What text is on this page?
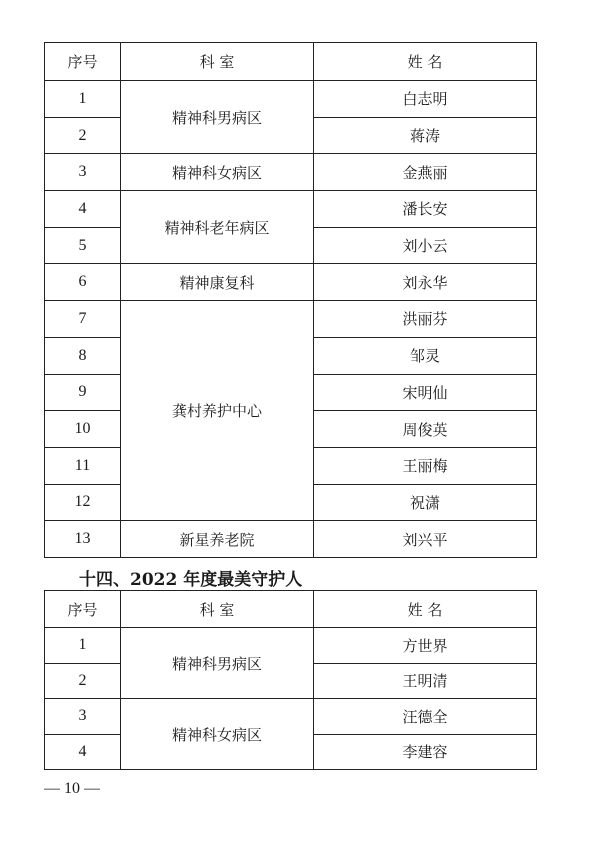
序号	科 室	姓 名
1	精神科男病区	白志明
2		蒋涛
3	精神科女病区	金燕丽
4	精神科老年病区	潘长安
5		刘小云
6	精神康复科	刘永华
7	龚村养护中心	洪丽芬
8		邹灵
9		宋明仙
10		周俊英
11		王丽梅
12		祝潇
13	新星养老院	刘兴平
十四、2022 年度最美守护人
序号	科 室	姓 名
1	精神科男病区	方世界
2		王明清
3	精神科女病区	汪德全
4		李建容
— 10 —
